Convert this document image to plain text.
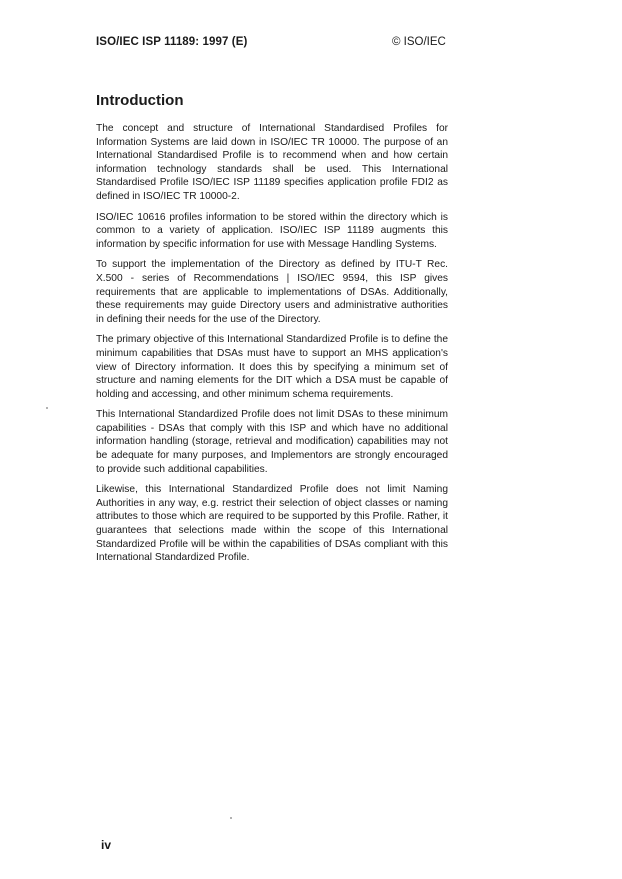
ISO/IEC ISP 11189: 1997 (E)	© ISO/IEC
Introduction

The concept and structure of International Standardised Profiles for Information Systems are laid down in ISO/IEC TR 10000. The purpose of an International Standardised Profile is to recommend when and how certain information technology standards shall be used. This International Standardised Profile ISO/IEC ISP 11189 specifies application profile FDI2 as defined in ISO/IEC TR 10000-2.

ISO/IEC 10616 profiles information to be stored within the directory which is common to a variety of application. ISO/IEC ISP 11189 augments this information by specific information for use with Message Handling Systems.

To support the implementation of the Directory as defined by ITU-T Rec. X.500 - series of Recommendations | ISO/IEC 9594, this ISP gives requirements that are applicable to implementations of DSAs. Additionally, these requirements may guide Directory users and administrative authorities in defining their needs for the use of the Directory.

The primary objective of this International Standardized Profile is to define the minimum capabilities that DSAs must have to support an MHS application's view of Directory information. It does this by specifying a minimum set of structure and naming elements for the DIT which a DSA must be capable of holding and accessing, and other minimum schema requirements.

This International Standardized Profile does not limit DSAs to these minimum capabilities - DSAs that comply with this ISP and which have no additional information handling (storage, retrieval and modification) capabilities may not be adequate for many purposes, and Implementors are strongly encouraged to provide such additional capabilities.

Likewise, this International Standardized Profile does not limit Naming Authorities in any way, e.g. restrict their selection of object classes or naming attributes to those which are required to be supported by this Profile. Rather, it guarantees that selections made within the scope of this International Standardized Profile will be within the capabilities of DSAs compliant with this International Standardized Profile.

iv
